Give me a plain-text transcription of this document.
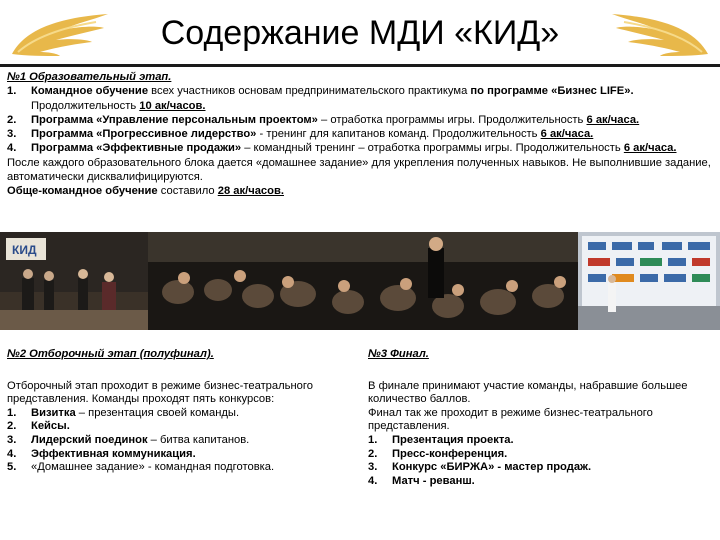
Содержание МДИ «КИД»
№1 Образовательный этап.
1.	Командное обучение всех участников основам предпринимательского практикума по программе «Бизнес LIFE». Продолжительность 10 ак/часов.
2.	Программа «Управление персональным проектом» – отработка программы игры. Продолжительность 6 ак/часа.
3.	Программа «Прогрессивное лидерство» - тренинг для капитанов команд. Продолжительность 6 ак/часа.
4.	Программа «Эффективные продажи» – командный тренинг – отработка программы игры. Продолжительность 6 ак/часа.
После каждого образовательного блока дается «домашнее задание» для укрепления полученных навыков. Не выполнившие задание, автоматически дисквалифицируются.
Обще-командное обучение составило 28 ак/часов.
КИД
№2 Отборочный этап (полуфинал).
Отборочный этап проходит в режиме бизнес-театрального представления. Команды проходят пять конкурсов:
1.	Визитка – презентация своей команды.
2.	Кейсы.
3.	Лидерский поединок – битва капитанов.
4.	Эффективная коммуникация.
5.	«Домашнее задание» - командная подготовка.
№3 Финал.
В финале принимают участие команды, набравшие большее количество баллов.
Финал так же проходит в режиме бизнес-театрального представления.
1.	Презентация проекта.
2.	Пресс-конференция.
3.	Конкурс «БИРЖА» - мастер продаж.
4.	Матч - реванш.
